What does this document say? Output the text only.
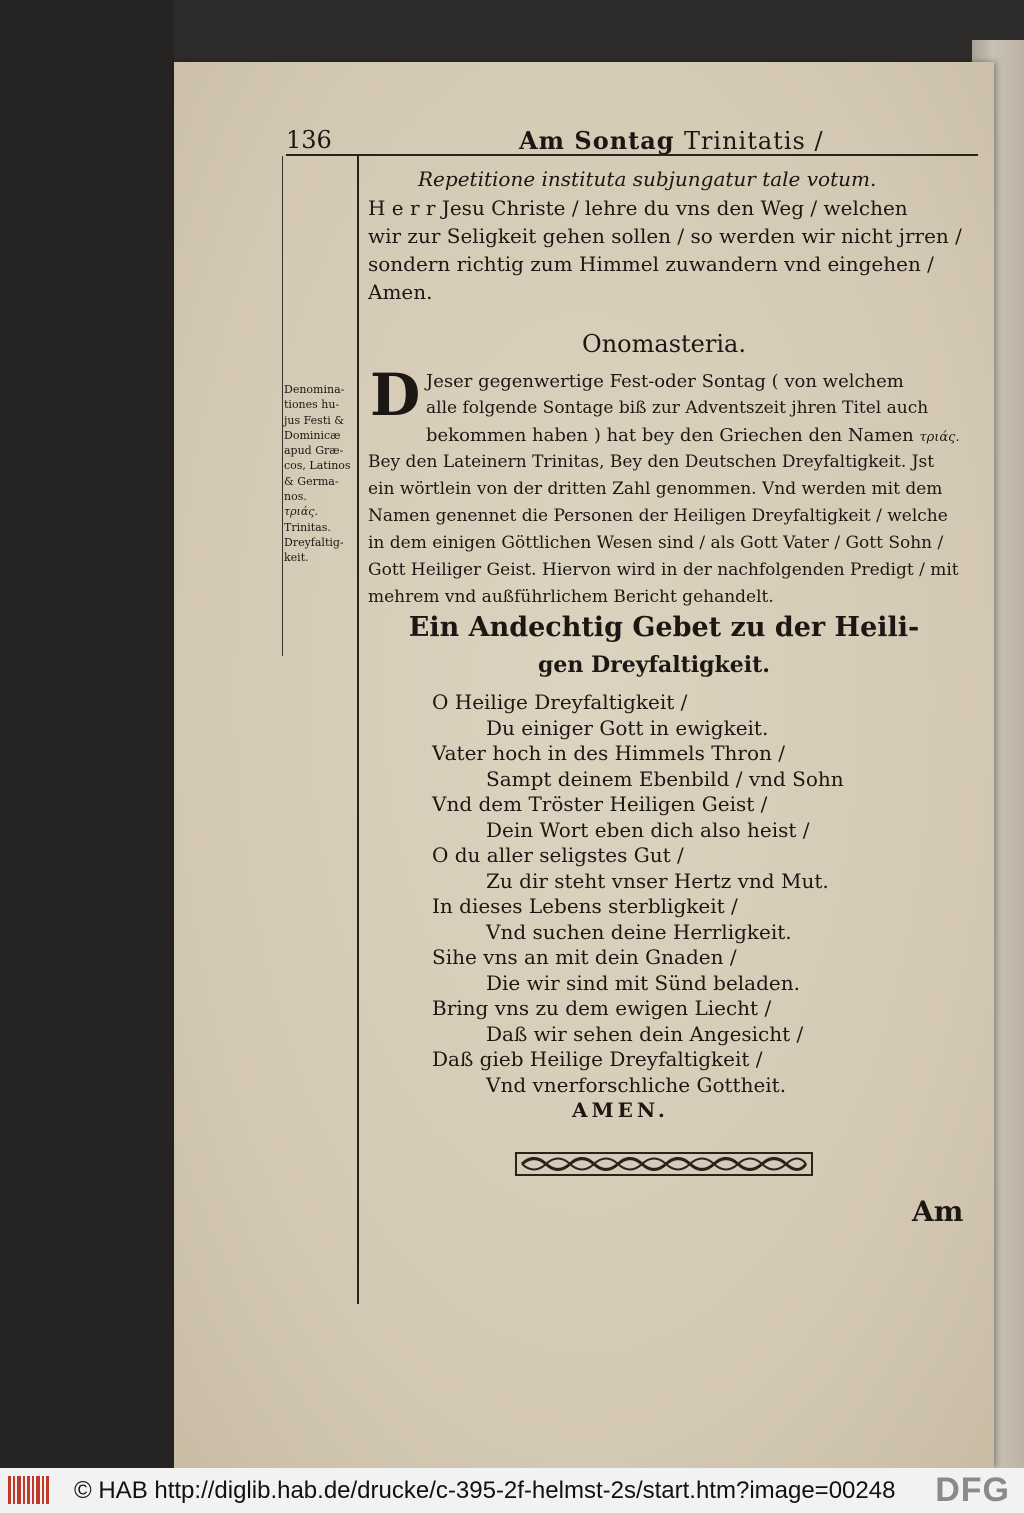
136	Am Sontag Trinitatis /
Repetitione instituta subjungatur tale votum.
H e r r Jesu Christe / lehre du vns den Weg / welchen
wir zur Seligkeit gehen sollen / so werden wir nicht jrren /
sondern richtig zum Himmel zuwandern vnd eingehen /
Amen.
Onomasteria.
D Jeser gegenwertige Fest-oder Sontag ( von welchem
alle folgende Sontage biß zur Adventszeit jhren Titel auch
bekommen haben ) hat bey den Griechen den Namen τριάς.
Bey den Lateinern Trinitas, Bey den Deutschen Dreyfaltigkeit. Jst
ein wörtlein von der dritten Zahl genommen. Vnd werden mit dem
Namen genennet die Personen der Heiligen Dreyfaltigkeit / welche
in dem einigen Göttlichen Wesen sind / als Gott Vater / Gott Sohn /
Gott Heiliger Geist. Hiervon wird in der nachfolgenden Predigt / mit
mehrem vnd außführlichem Bericht gehandelt.
Denomina-
tiones hu-
jus Festi &
Dominicæ
apud Græ-
cos, Latinos
& Germa-
nos.
τριάς.
Trinitas.
Dreyfaltig-
keit.
Ein Andechtig Gebet zu der Heili-
gen Dreyfaltigkeit.
O Heilige Dreyfaltigkeit /
Du einiger Gott in ewigkeit.
Vater hoch in des Himmels Thron /
Sampt deinem Ebenbild / vnd Sohn
Vnd dem Tröster Heiligen Geist /
Dein Wort eben dich also heist /
O du aller seligstes Gut /
Zu dir steht vnser Hertz vnd Mut.
In dieses Lebens sterbligkeit /
Vnd suchen deine Herrligkeit.
Sihe vns an mit dein Gnaden /
Die wir sind mit Sünd beladen.
Bring vns zu dem ewigen Liecht /
Daß wir sehen dein Angesicht /
Daß gieb Heilige Dreyfaltigkeit /
Vnd vnerforschliche Gottheit.
AMEN.
Am
© HAB http://diglib.hab.de/drucke/c-395-2f-helmst-2s/start.htm?image=00248 DFG
